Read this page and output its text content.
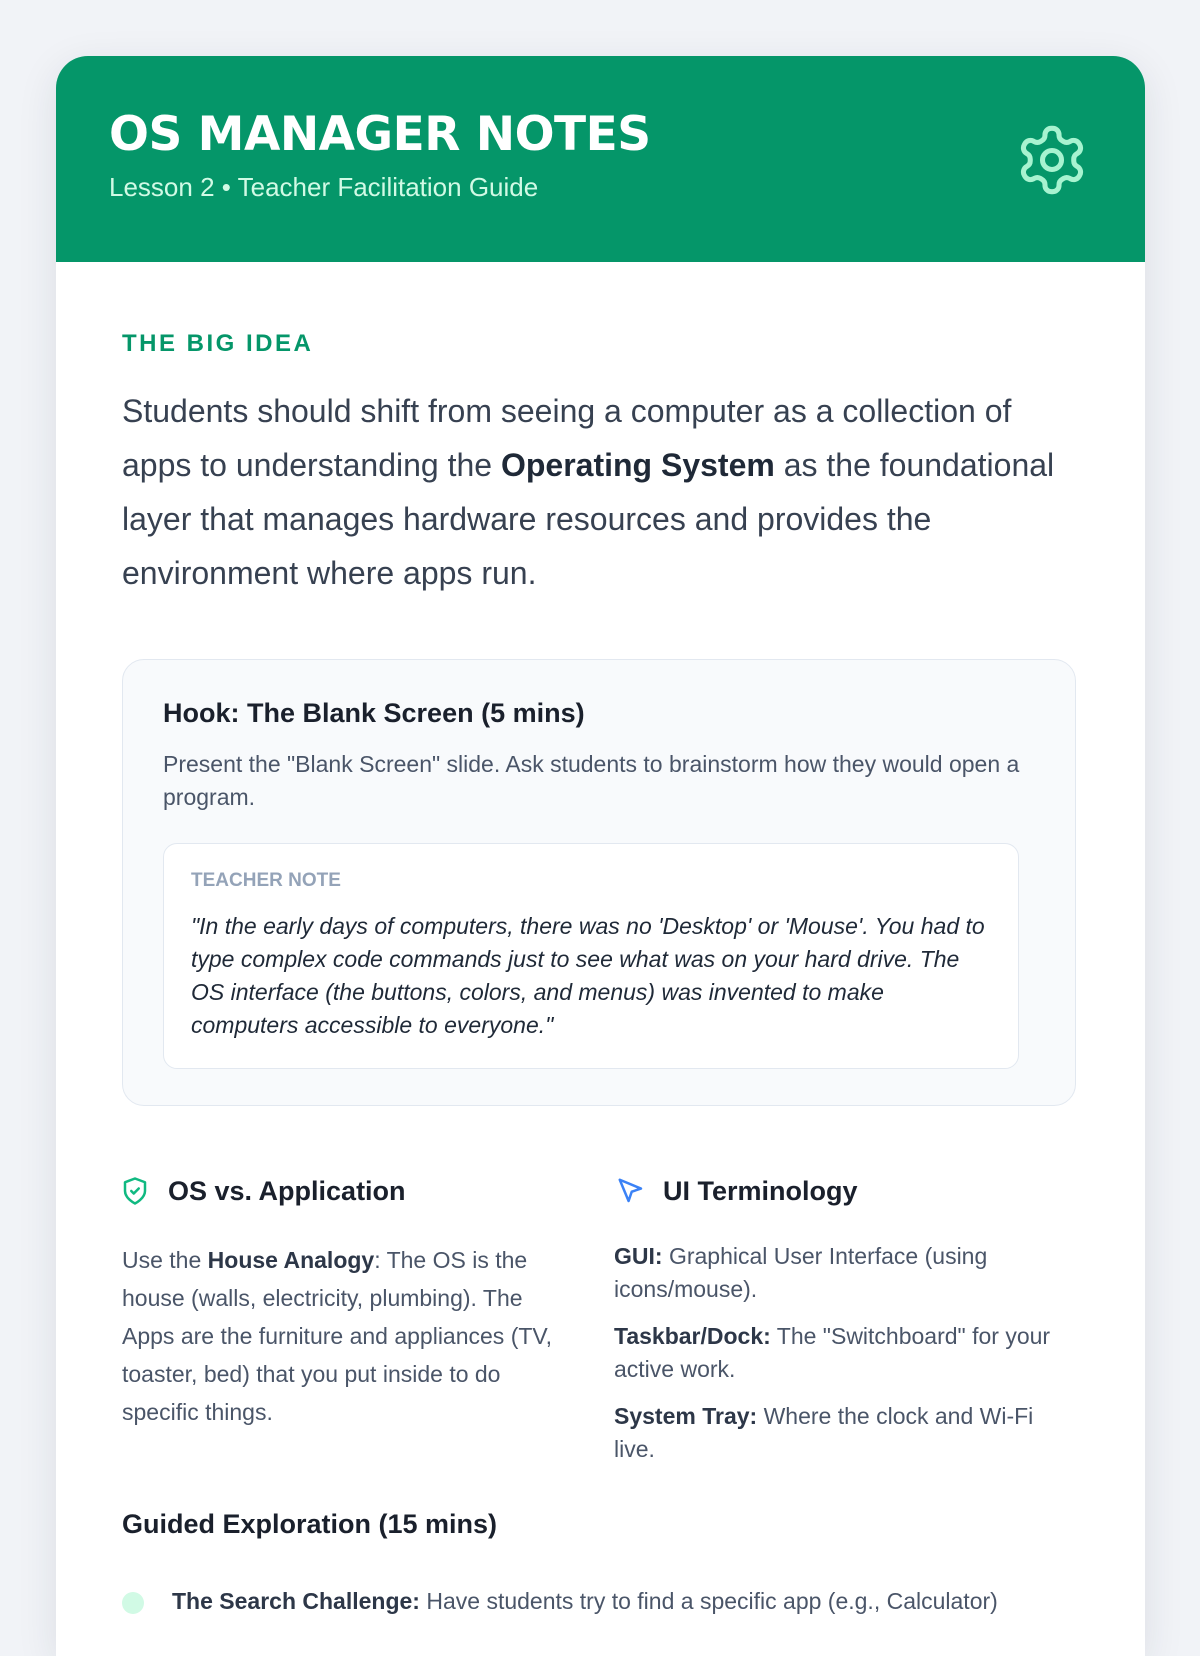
OS MANAGER NOTES

Lesson 2 • Teacher Facilitation Guide

THE BIG IDEA

Students should shift from seeing a computer as a collection of apps to understanding the Operating System as the foundational layer that manages hardware resources and provides the environment where apps run.

Hook: The Blank Screen (5 mins)

Present the "Blank Screen" slide. Ask students to brainstorm how they would open a program.

TEACHER NOTE

"In the early days of computers, there was no 'Desktop' or 'Mouse'. You had to type complex code commands just to see what was on your hard drive. The OS interface (the buttons, colors, and menus) was invented to make computers accessible to everyone."

OS vs. Application

Use the House Analogy: The OS is the house (walls, electricity, plumbing). The Apps are the furniture and appliances (TV, toaster, bed) that you put inside to do specific things.

UI Terminology

GUI: Graphical User Interface (using icons/mouse).

Taskbar/Dock: The "Switchboard" for your active work.

System Tray: Where the clock and Wi-Fi live.

Guided Exploration (15 mins)

The Search Challenge: Have students try to find a specific app (e.g., Calculator)
